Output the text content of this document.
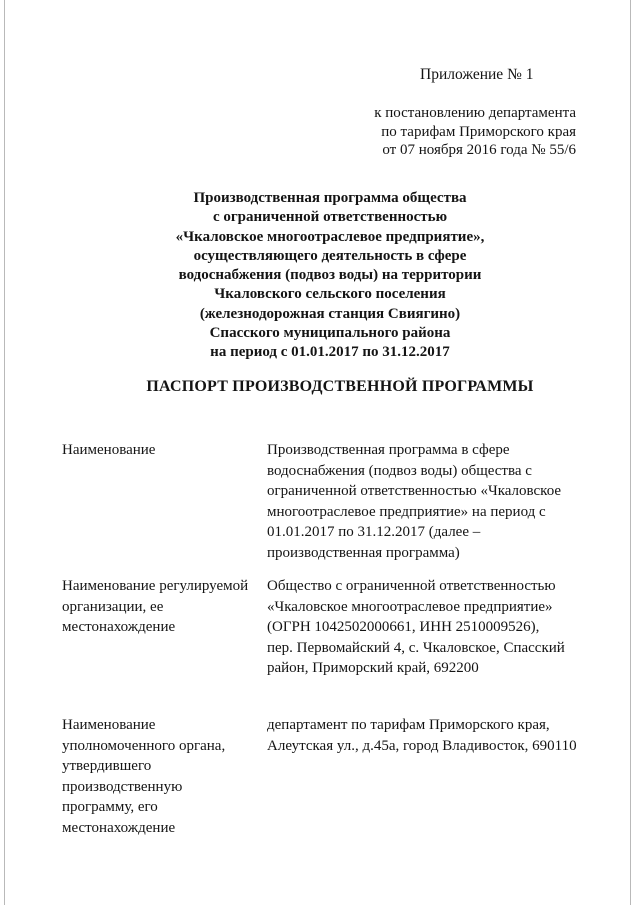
Приложение № 1
к постановлению департамента
по тарифам Приморского края
от 07 ноября 2016 года № 55/6
Производственная программа общества
с ограниченной ответственностью
«Чкаловское многоотраслевое предприятие»,
осуществляющего деятельность в сфере
водоснабжения (подвоз воды) на территории
Чкаловского сельского поселения
(железнодорожная станция Свиягино)
Спасского муниципального района
на период с 01.01.2017 по 31.12.2017
ПАСПОРТ ПРОИЗВОДСТВЕННОЙ ПРОГРАММЫ
Наименование	Производственная программа в сфере
водоснабжения (подвоз воды) общества с
ограниченной ответственностью «Чкаловское
многоотраслевое предприятие» на период с
01.01.2017 по 31.12.2017 (далее –
производственная программа)
Наименование регулируемой
организации, ее
местонахождение
Общество с ограниченной ответственностью
«Чкаловское многоотраслевое предприятие»
(ОГРН 1042502000661, ИНН 2510009526),
пер. Первомайский 4, с. Чкаловское, Спасский
район, Приморский край, 692200
Наименование
уполномоченного органа,
утвердившего
производственную
программу, его
местонахождение
департамент по тарифам Приморского края,
Алеутская ул., д.45а, город Владивосток, 690110
